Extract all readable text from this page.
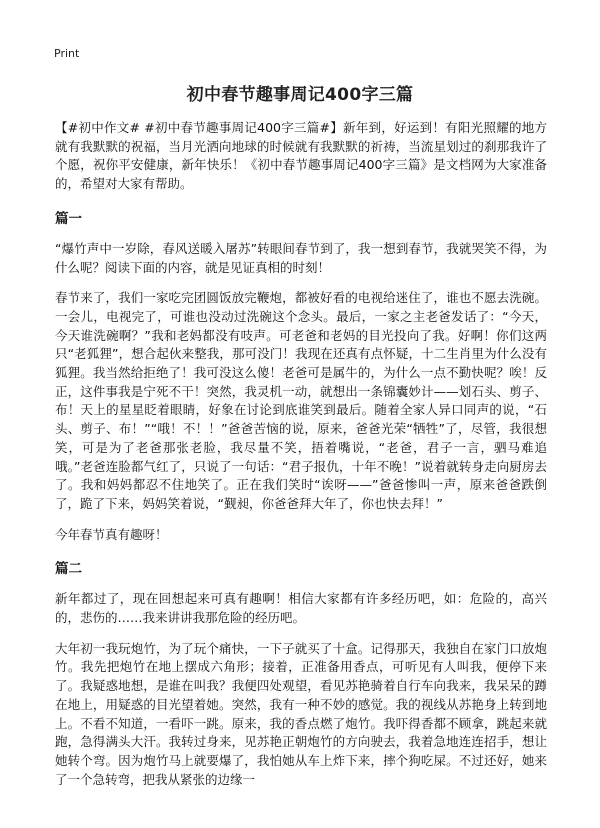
Print
初中春节趣事周记400字三篇

【#初中作文# #初中春节趣事周记400字三篇#】新年到，好运到！有阳光照耀的地方就有我默默的祝福，当月光洒向地球的时候就有我默默的祈祷，当流星划过的刹那我许了个愿，祝你平安健康，新年快乐！《初中春节趣事周记400字三篇》是文档网为大家准备的，希望对大家有帮助。

篇一

“爆竹声中一岁除，春风送暖入屠苏”转眼间春节到了，我一想到春节，我就哭笑不得，为什么呢？阅读下面的内容，就是见证真相的时刻！

春节来了，我们一家吃完团圆饭放完鞭炮，都被好看的电视给迷住了，谁也不愿去洗碗。一会儿，电视完了，可谁也没动过洗碗这个念头。最后，一家之主老爸发话了：“今天，今天谁洗碗啊？”我和老妈都没有吱声。可老爸和老妈的目光投向了我。好啊！你们这两只“老狐狸”，想合起伙来整我，那可没门！我现在还真有点怀疑，十二生肖里为什么没有狐狸。我当然给拒绝了！我可没这么傻！老爸可是属牛的，为什么一点不勤快呢？唉！反正，这件事我是宁死不干！突然，我灵机一动，就想出一条锦囊妙计——划石头、剪子、布！天上的星星眨着眼睛，好象在讨论到底谁笑到最后。随着全家人异口同声的说，“石头、剪子、布！”“哦！不！！”爸爸苦恼的说，原来，爸爸光荣“牺牲”了，尽管，我很想笑，可是为了老爸那张老脸，我尽量不笑，捂着嘴说，“老爸，君子一言，驷马难追哦。”老爸连脸都气红了，只说了一句话：“君子报仇，十年不晚！”说着就转身走向厨房去了。我和妈妈都忍不住地笑了。正在我们笑时“诶呀——”爸爸惨叫一声，原来爸爸跌倒了，跪了下来，妈妈笑着说，“觐昶，你爸爸拜大年了，你也快去拜！”

今年春节真有趣呀！

篇二

新年都过了，现在回想起来可真有趣啊！相信大家都有许多经历吧，如：危险的，高兴的，悲伤的……我来讲讲我那危险的经历吧。

大年初一我玩炮竹，为了玩个痛快，一下子就买了十盒。记得那天，我独自在家门口放炮竹。我先把炮竹在地上摆成六角形；接着，正准备用香点，可听见有人叫我，便停下来了。我疑惑地想，是谁在叫我？我便四处观望，看见苏艳骑着自行车向我来，我呆呆的蹲在地上，用疑惑的目光望着她。突然，我有一种不妙的感觉。我的视线从苏艳身上转到地上。不看不知道，一看吓一跳。原来，我的香点燃了炮竹。我吓得香都不顾拿，跳起来就跑，急得满头大汗。我转过身来，见苏艳正朝炮竹的方向驶去，我着急地连连招手，想让她转个弯。因为炮竹马上就要爆了，我怕她从车上炸下来，摔个狗吃屎。不过还好，她来了一个急转弯，把我从紧张的边缘一
